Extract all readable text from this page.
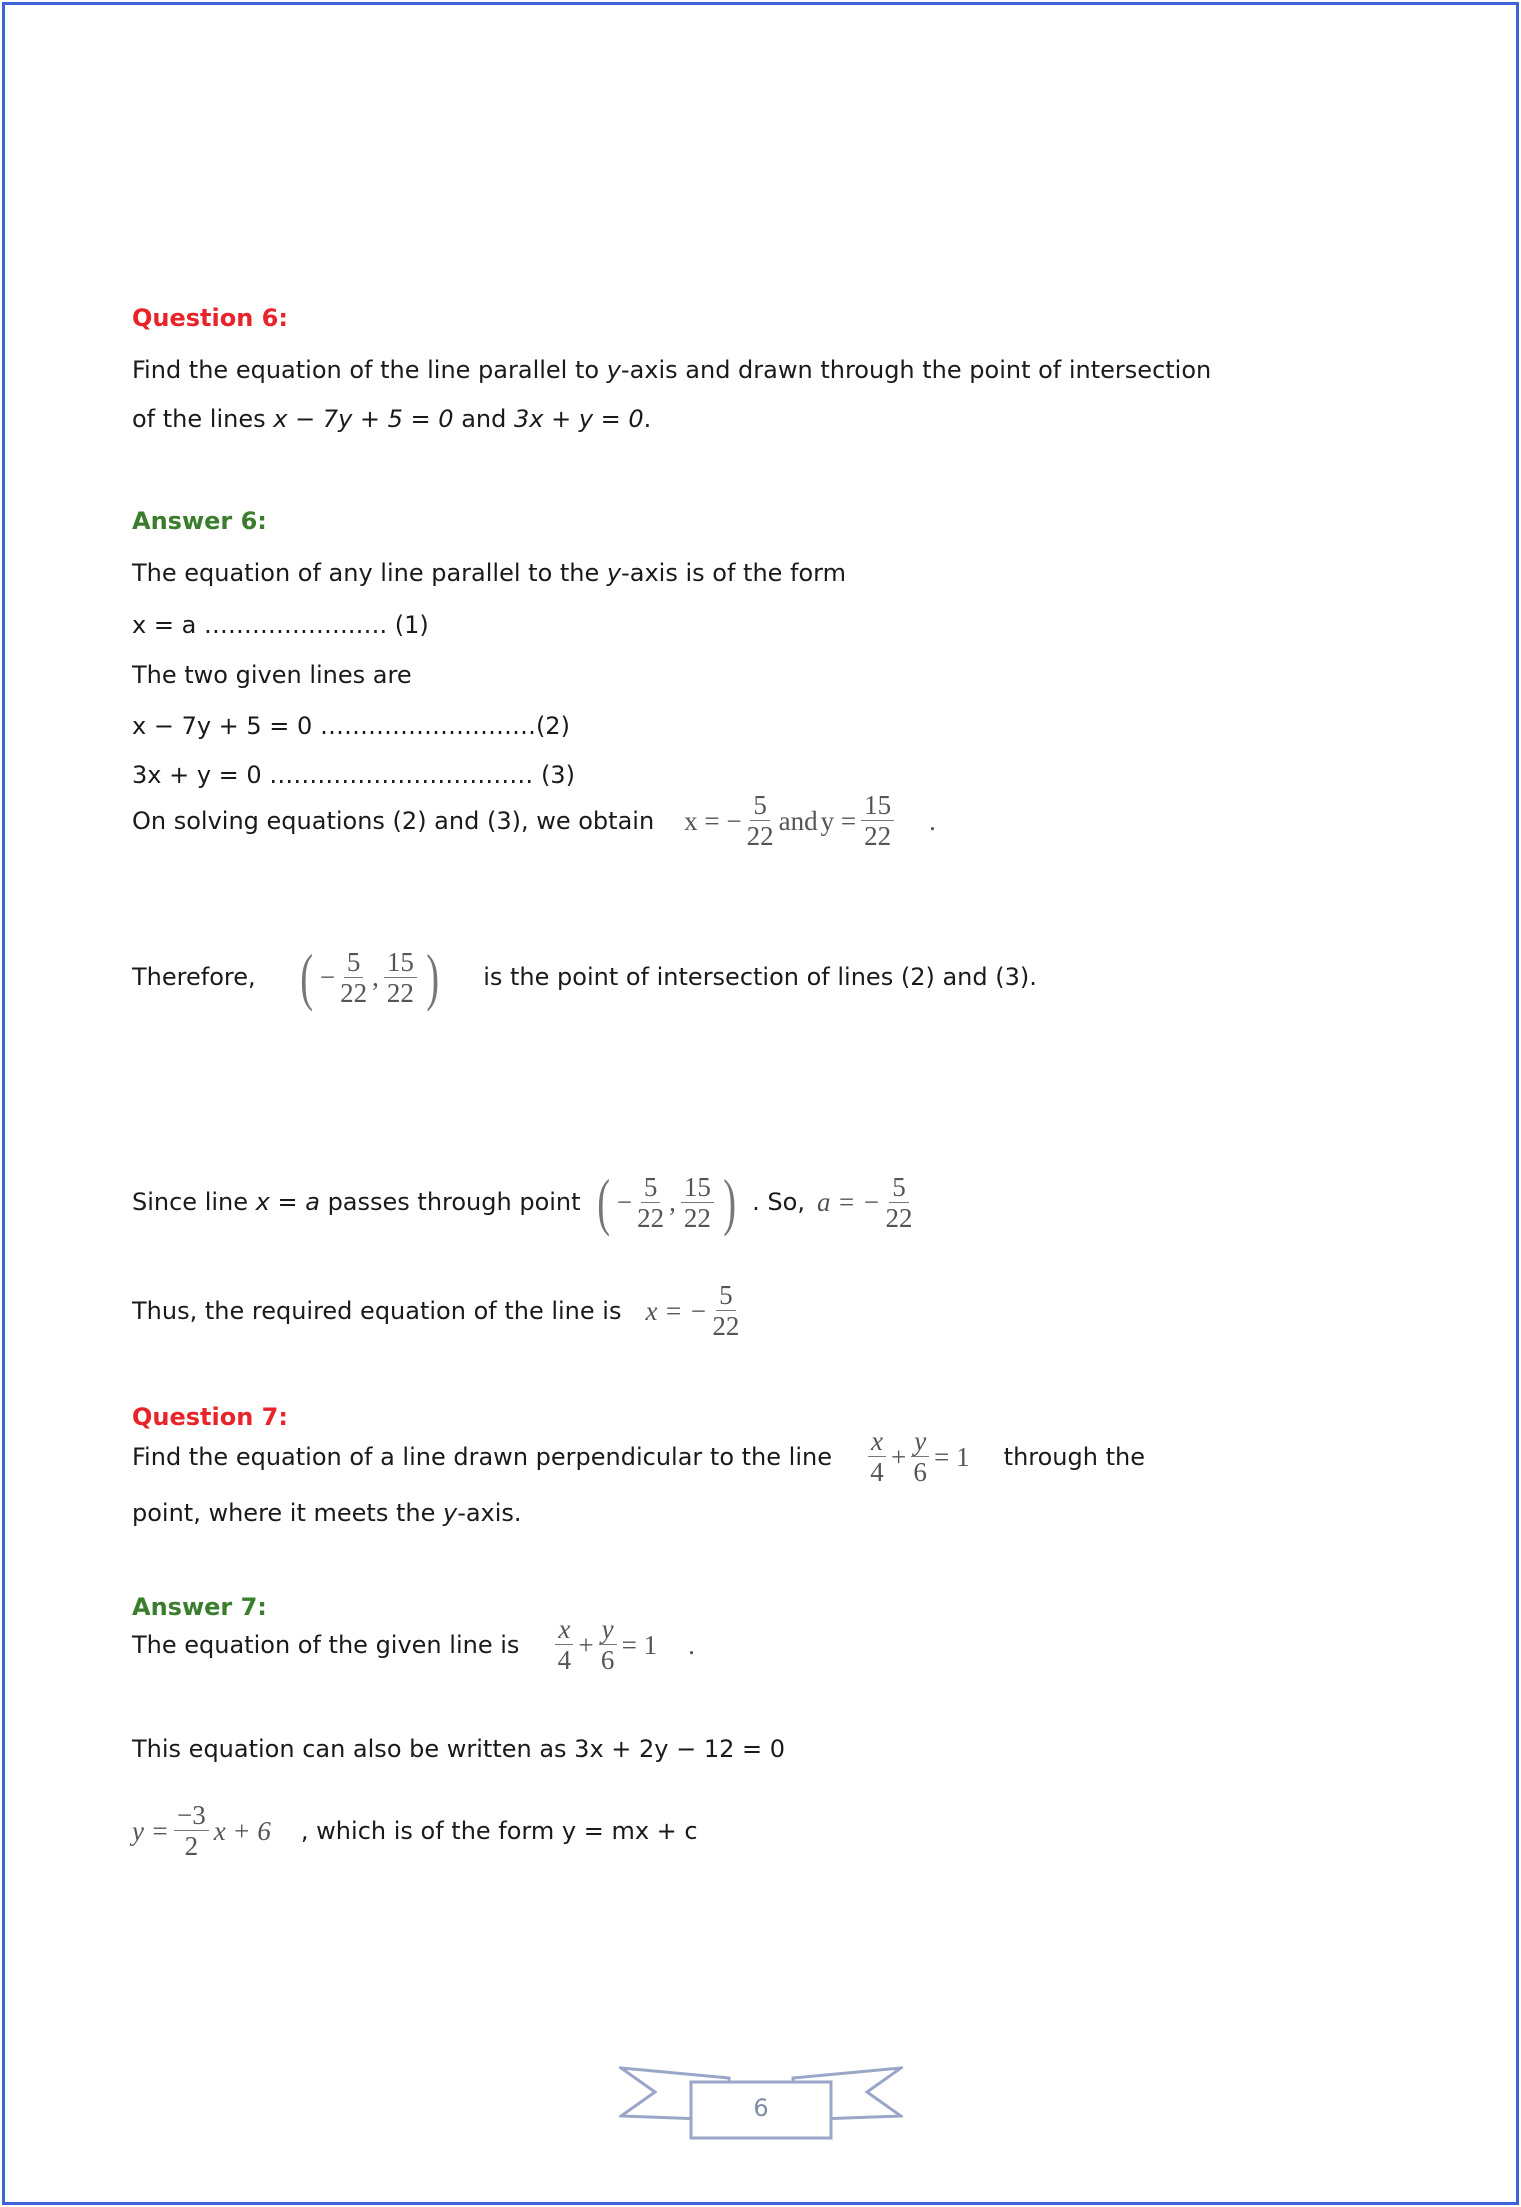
Question 6:
Find the equation of the line parallel to y-axis and drawn through the point of intersection
of the lines x − 7y + 5 = 0 and 3x + y = 0.
Answer 6:
The equation of any line parallel to the y-axis is of the form
x = a ……………….…. (1)
The two given lines are
x − 7y + 5 = 0 ………………………(2)
3x + y = 0 …………………………… (3)
On solving equations (2) and (3), we obtain x = − $\frac{5}{22}$ and $y = \frac{15}{22}$ .
Therefore, ( − $\frac{5}{22}$ ,
15
22 ) is the point of intersection of lines (2) and (3).
Since line x = a passes through point ( − $\frac{5}{22}$ ,
15
22 ) . So, a = − $\frac{5}{22}$
Thus, the required equation of the line is x = − $\frac{5}{22}$
Question 7:
Find the equation of a line drawn perpendicular to the line
x
4
+ $\frac{y}{6} = 1$ through the
point, where it meets the y-axis.
Answer 7:
The equation of the given line is
x
4
+ $\frac{y}{6} = 1$ .
This equation can also be written as 3x + 2y − 12 = 0
$y = \frac{-3}{2}$ x + 6 , which is of the form y = mx + c
6
